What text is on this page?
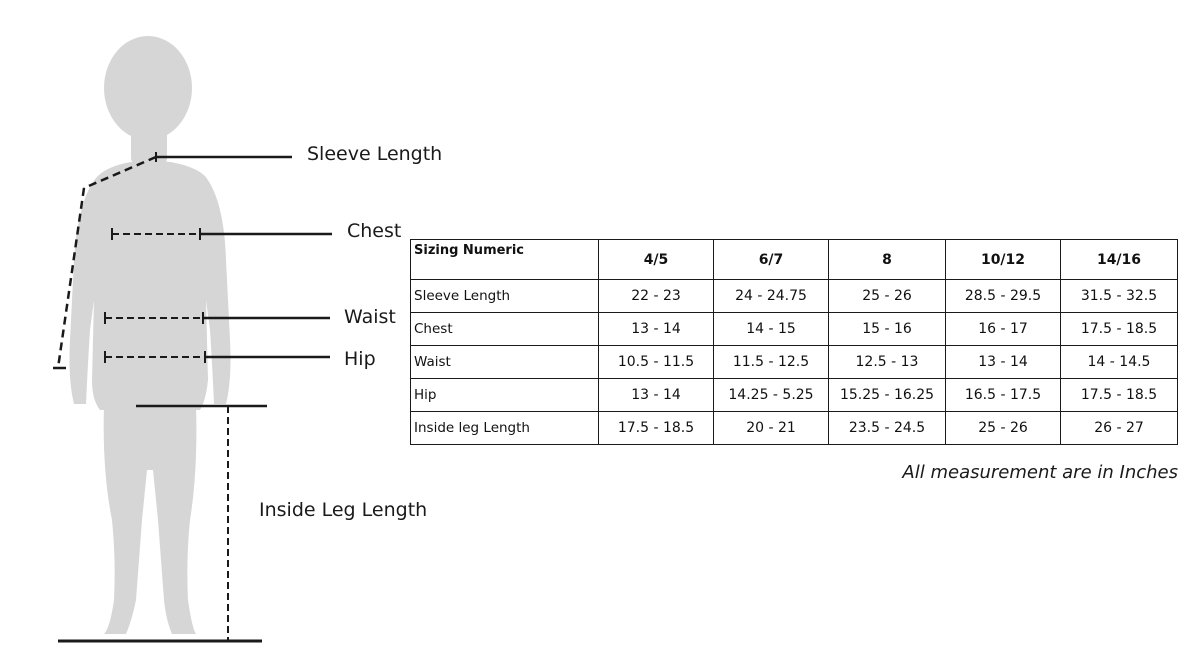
Sleeve Length
Chest
Waist
Hip
Inside Leg Length
Sizing Numeric	4/5	6/7	8	10/12	14/16
Sleeve Length	22 - 23	24 - 24.75	25 - 26	28.5 - 29.5	31.5 - 32.5
Chest	13 - 14	14 - 15	15 - 16	16 - 17	17.5 - 18.5
Waist	10.5 - 11.5	11.5 - 12.5	12.5 - 13	13 - 14	14 - 14.5
Hip	13 - 14	14.25 - 5.25	15.25 - 16.25	16.5 - 17.5	17.5 - 18.5
Inside leg Length	17.5 - 18.5	20 - 21	23.5 - 24.5	25 - 26	26 - 27
All measurement are in Inches
